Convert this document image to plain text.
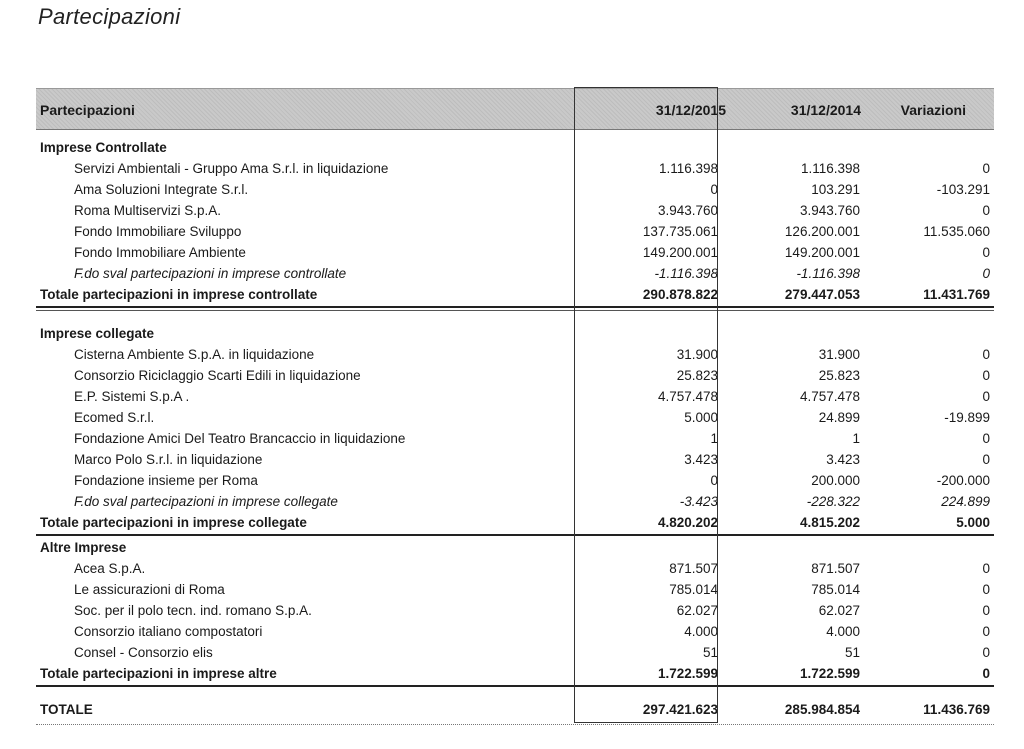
Partecipazioni
Partecipazioni	31/12/2015	31/12/2014	Variazioni
Imprese Controllate
Servizi Ambientali - Gruppo Ama S.r.l. in liquidazione	1.116.398	1.116.398	0
Ama Soluzioni Integrate S.r.l.	0	103.291	-103.291
Roma Multiservizi S.p.A.	3.943.760	3.943.760	0
Fondo Immobiliare Sviluppo	137.735.061	126.200.001	11.535.060
Fondo Immobiliare Ambiente	149.200.001	149.200.001	0
F.do sval partecipazioni in imprese controllate	-1.116.398	-1.116.398	0
Totale partecipazioni in imprese controllate	290.878.822	279.447.053	11.431.769
Imprese collegate
Cisterna Ambiente S.p.A. in liquidazione	31.900	31.900	0
Consorzio Riciclaggio Scarti Edili in liquidazione	25.823	25.823	0
E.P. Sistemi S.p.A .	4.757.478	4.757.478	0
Ecomed S.r.l.	5.000	24.899	-19.899
Fondazione Amici Del Teatro Brancaccio in liquidazione	1	1	0
Marco Polo S.r.l. in liquidazione	3.423	3.423	0
Fondazione insieme per Roma	0	200.000	-200.000
F.do sval partecipazioni in imprese collegate	-3.423	-228.322	224.899
Totale partecipazioni in imprese collegate	4.820.202	4.815.202	5.000
Altre Imprese
Acea S.p.A.	871.507	871.507	0
Le assicurazioni di Roma	785.014	785.014	0
Soc. per il polo tecn. ind. romano S.p.A.	62.027	62.027	0
Consorzio italiano compostatori	4.000	4.000	0
Consel - Consorzio elis	51	51	0
Totale partecipazioni in imprese altre	1.722.599	1.722.599	0
TOTALE	297.421.623	285.984.854	11.436.769
